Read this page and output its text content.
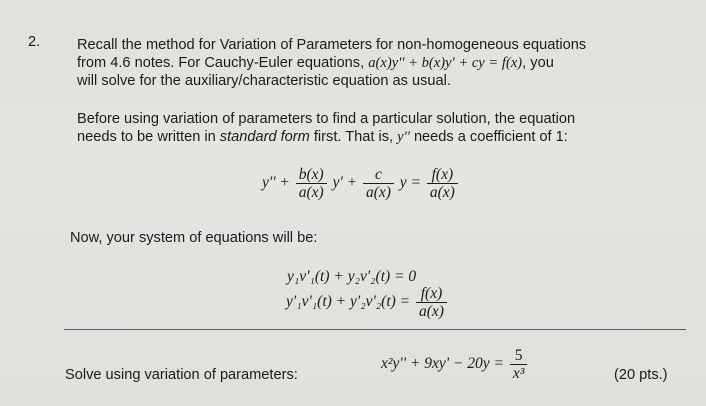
2.	Recall the method for Variation of Parameters for non-homogeneous equations
from 4.6 notes. For Cauchy-Euler equations, a(x)y'' + b(x)y' + cy = f(x), you
will solve for the auxiliary/characteristic equation as usual.
Before using variation of parameters to find a particular solution, the equation
needs to be written in standard form first. That is, y'' needs a coefficient of 1:
$y'' + \frac{b(x)}{a(x)} y' + \frac{c}{a(x)}$ $y = \frac{f(x)}{a(x)}$
Now, your system of equations will be:
y₁v'₁(t) + y₂v'₂(t) = 0
$y'_1v'_1(t) + y'_2v'_2(t) = \frac{f(x)}{a(x)}$
Solve using variation of parameters:
$x^2y'' + 9xy' - 20y = \frac{5}{\text{x³}}$	(20 pts.)
